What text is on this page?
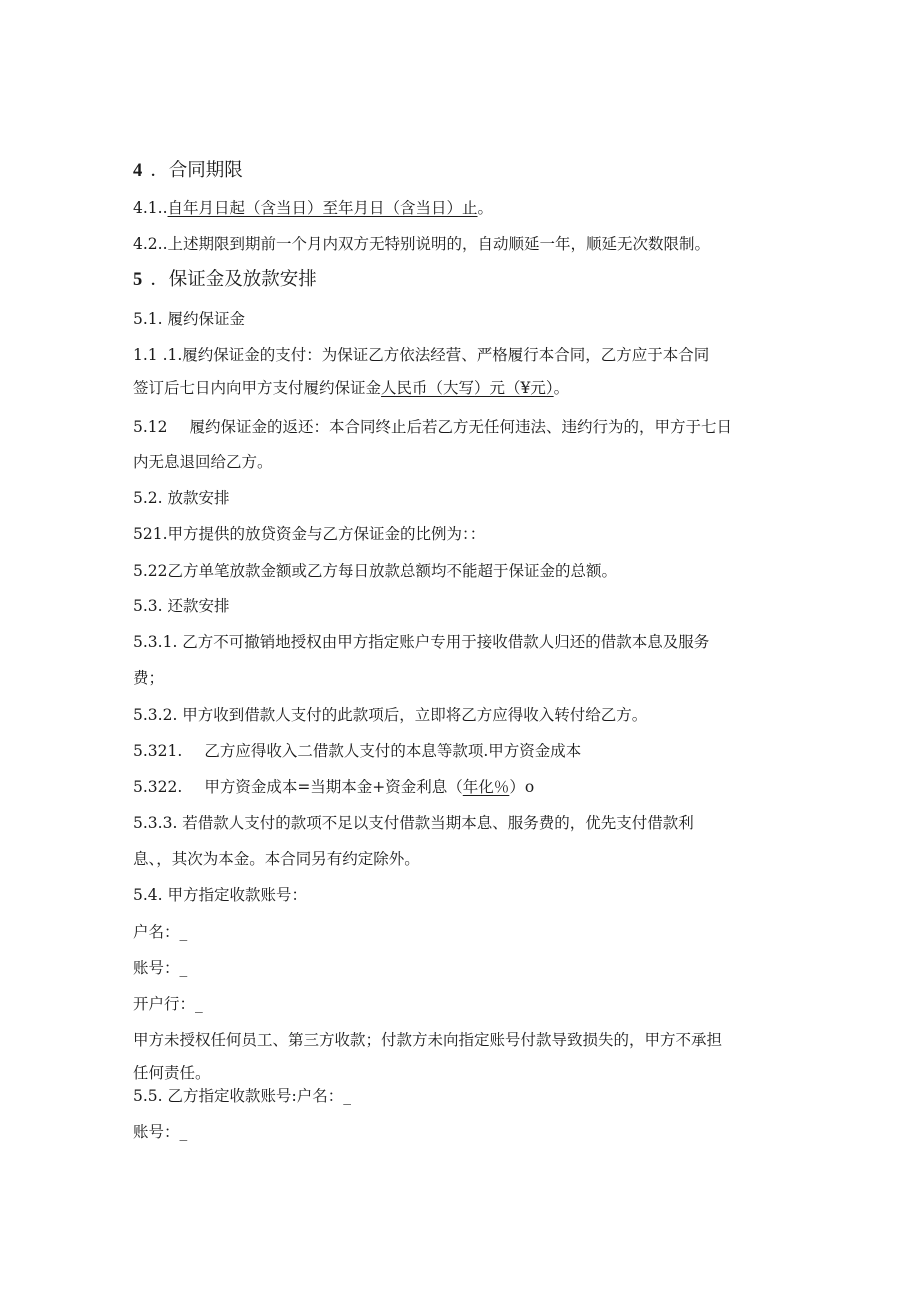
4 ．合同期限
4.1..自年月日起（含当日）至年月日（含当日）止。
4.2..上述期限到期前一个月内双方无特别说明的，自动顺延一年，顺延无次数限制。
5 ．保证金及放款安排
5.1. 履约保证金
1.1 .1.履约保证金的支付：为保证乙方依法经营、严格履行本合同，乙方应于本合同
签订后七日内向甲方支付履约保证金人民币（大写）元（¥元）。
5.12 履约保证金的返还：本合同终止后若乙方无任何违法、违约行为的，甲方于七日
内无息退回给乙方。
5.2. 放款安排
521.甲方提供的放贷资金与乙方保证金的比例为：：
5.22乙方单笔放款金额或乙方每日放款总额均不能超于保证金的总额。
5.3. 还款安排
5.3.1. 乙方不可撤销地授权由甲方指定账户专用于接收借款人归还的借款本息及服务
费；
5.3.2. 甲方收到借款人支付的此款项后，立即将乙方应得收入转付给乙方。
5.321. 乙方应得收入二借款人支付的本息等款项.甲方资金成本
5.322. 甲方资金成本=当期本金+资金利息（年化％）o
5.3.3. 若借款人支付的款项不足以支付借款当期本息、服务费的，优先支付借款利
息、，其次为本金。本合同另有约定除外。
5.4. 甲方指定收款账号：
户名：_
账号：_
开户行：_
甲方未授权任何员工、第三方收款；付款方未向指定账号付款导致损失的，甲方不承担
任何责任。
5.5. 乙方指定收款账号:户名：_
账号：_
